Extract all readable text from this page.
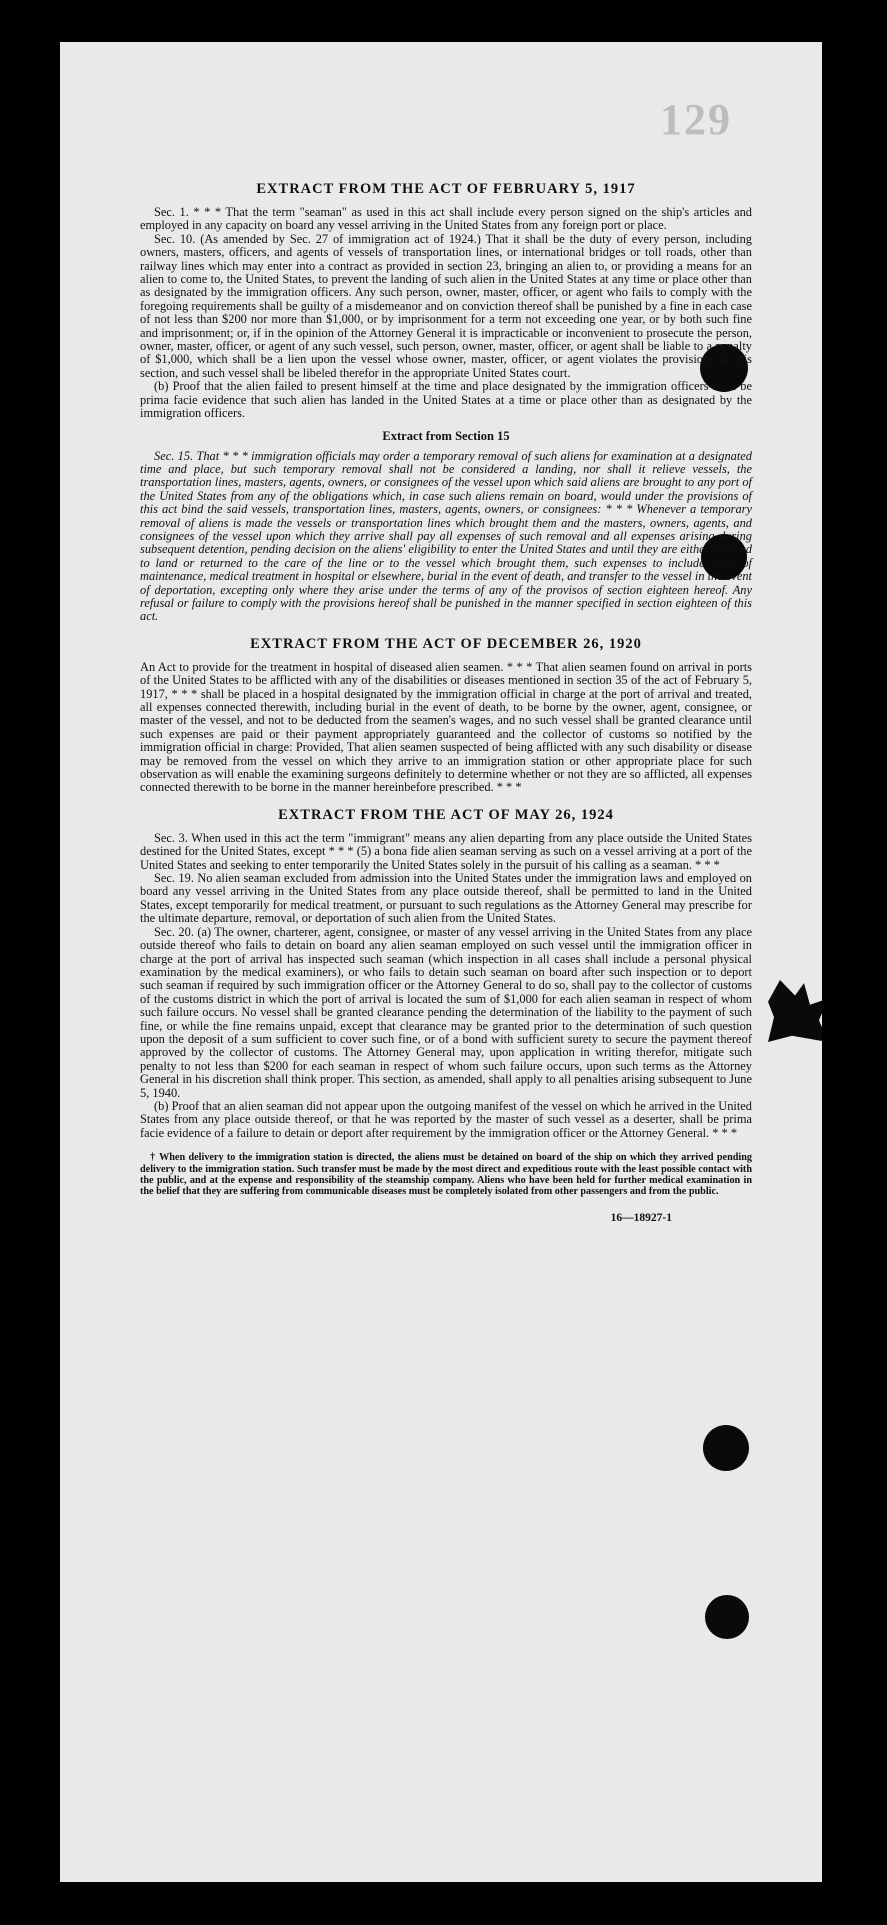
129
EXTRACT FROM THE ACT OF FEBRUARY 5, 1917

Sec. 1. * * * That the term "seaman" as used in this act shall include every person signed on the ship's articles and employed in any capacity on board any vessel arriving in the United States from any foreign port or place.

Sec. 10. (As amended by Sec. 27 of immigration act of 1924.) That it shall be the duty of every person, including owners, masters, officers, and agents of vessels of transportation lines, or international bridges or toll roads, other than railway lines which may enter into a contract as provided in section 23, bringing an alien to, or providing a means for an alien to come to, the United States, to prevent the landing of such alien in the United States at any time or place other than as designated by the immigration officers. Any such person, owner, master, officer, or agent who fails to comply with the foregoing requirements shall be guilty of a misdemeanor and on conviction thereof shall be punished by a fine in each case of not less than $200 nor more than $1,000, or by imprisonment for a term not exceeding one year, or by both such fine and imprisonment; or, if in the opinion of the Attorney General it is impracticable or inconvenient to prosecute the person, owner, master, officer, or agent of any such vessel, such person, owner, master, officer, or agent shall be liable to a penalty of $1,000, which shall be a lien upon the vessel whose owner, master, officer, or agent violates the provisions of this section, and such vessel shall be libeled therefor in the appropriate United States court.

(b) Proof that the alien failed to present himself at the time and place designated by the immigration officers shall be prima facie evidence that such alien has landed in the United States at a time or place other than as designated by the immigration officers.

Extract from Section 15

Sec. 15. That * * * immigration officials may order a temporary removal of such aliens for examination at a designated time and place, but such temporary removal shall not be considered a landing, nor shall it relieve vessels, the transportation lines, masters, agents, owners, or consignees of the vessel upon which said aliens are brought to any port of the United States from any of the obligations which, in case such aliens remain on board, would under the provisions of this act bind the said vessels, transportation lines, masters, agents, owners, or consignees: * * * Whenever a temporary removal of aliens is made the vessels or transportation lines which brought them and the masters, owners, agents, and consignees of the vessel upon which they arrive shall pay all expenses of such removal and all expenses arising during subsequent detention, pending decision on the aliens' eligibility to enter the United States and until they are either allowed to land or returned to the care of the line or to the vessel which brought them, such expenses to include those of maintenance, medical treatment in hospital or elsewhere, burial in the event of death, and transfer to the vessel in the event of deportation, excepting only where they arise under the terms of any of the provisos of section eighteen hereof. Any refusal or failure to comply with the provisions hereof shall be punished in the manner specified in section eighteen of this act.

EXTRACT FROM THE ACT OF DECEMBER 26, 1920

An Act to provide for the treatment in hospital of diseased alien seamen. * * * That alien seamen found on arrival in ports of the United States to be afflicted with any of the disabilities or diseases mentioned in section 35 of the act of February 5, 1917, * * * shall be placed in a hospital designated by the immigration official in charge at the port of arrival and treated, all expenses connected therewith, including burial in the event of death, to be borne by the owner, agent, consignee, or master of the vessel, and not to be deducted from the seamen's wages, and no such vessel shall be granted clearance until such expenses are paid or their payment appropriately guaranteed and the collector of customs so notified by the immigration official in charge: Provided, That alien seamen suspected of being afflicted with any such disability or disease may be removed from the vessel on which they arrive to an immigration station or other appropriate place for such observation as will enable the examining surgeons definitely to determine whether or not they are so afflicted, all expenses connected therewith to be borne in the manner hereinbefore prescribed. * * *

EXTRACT FROM THE ACT OF MAY 26, 1924

Sec. 3. When used in this act the term "immigrant" means any alien departing from any place outside the United States destined for the United States, except * * * (5) a bona fide alien seaman serving as such on a vessel arriving at a port of the United States and seeking to enter temporarily the United States solely in the pursuit of his calling as a seaman. * * *

Sec. 19. No alien seaman excluded from admission into the United States under the immigration laws and employed on board any vessel arriving in the United States from any place outside thereof, shall be permitted to land in the United States, except temporarily for medical treatment, or pursuant to such regulations as the Attorney General may prescribe for the ultimate departure, removal, or deportation of such alien from the United States.

Sec. 20. (a) The owner, charterer, agent, consignee, or master of any vessel arriving in the United States from any place outside thereof who fails to detain on board any alien seaman employed on such vessel until the immigration officer in charge at the port of arrival has inspected such seaman (which inspection in all cases shall include a personal physical examination by the medical examiners), or who fails to detain such seaman on board after such inspection or to deport such seaman if required by such immigration officer or the Attorney General to do so, shall pay to the collector of customs of the customs district in which the port of arrival is located the sum of $1,000 for each alien seaman in respect of whom such failure occurs. No vessel shall be granted clearance pending the determination of the liability to the payment of such fine, or while the fine remains unpaid, except that clearance may be granted prior to the determination of such question upon the deposit of a sum sufficient to cover such fine, or of a bond with sufficient surety to secure the payment thereof approved by the collector of customs. The Attorney General may, upon application in writing therefor, mitigate such penalty to not less than $200 for each seaman in respect of whom such failure occurs, upon such terms as the Attorney General in his discretion shall think proper. This section, as amended, shall apply to all penalties arising subsequent to June 5, 1940.

(b) Proof that an alien seaman did not appear upon the outgoing manifest of the vessel on which he arrived in the United States from any place outside thereof, or that he was reported by the master of such vessel as a deserter, shall be prima facie evidence of a failure to detain or deport after requirement by the immigration officer or the Attorney General. * * *

† When delivery to the immigration station is directed, the aliens must be detained on board of the ship on which they arrived pending delivery to the immigration station. Such transfer must be made by the most direct and expeditious route with the least possible contact with the public, and at the expense and responsibility of the steamship company. Aliens who have been held for further medical examination in the belief that they are suffering from communicable diseases must be completely isolated from other passengers and from the public.

16—18927-1
